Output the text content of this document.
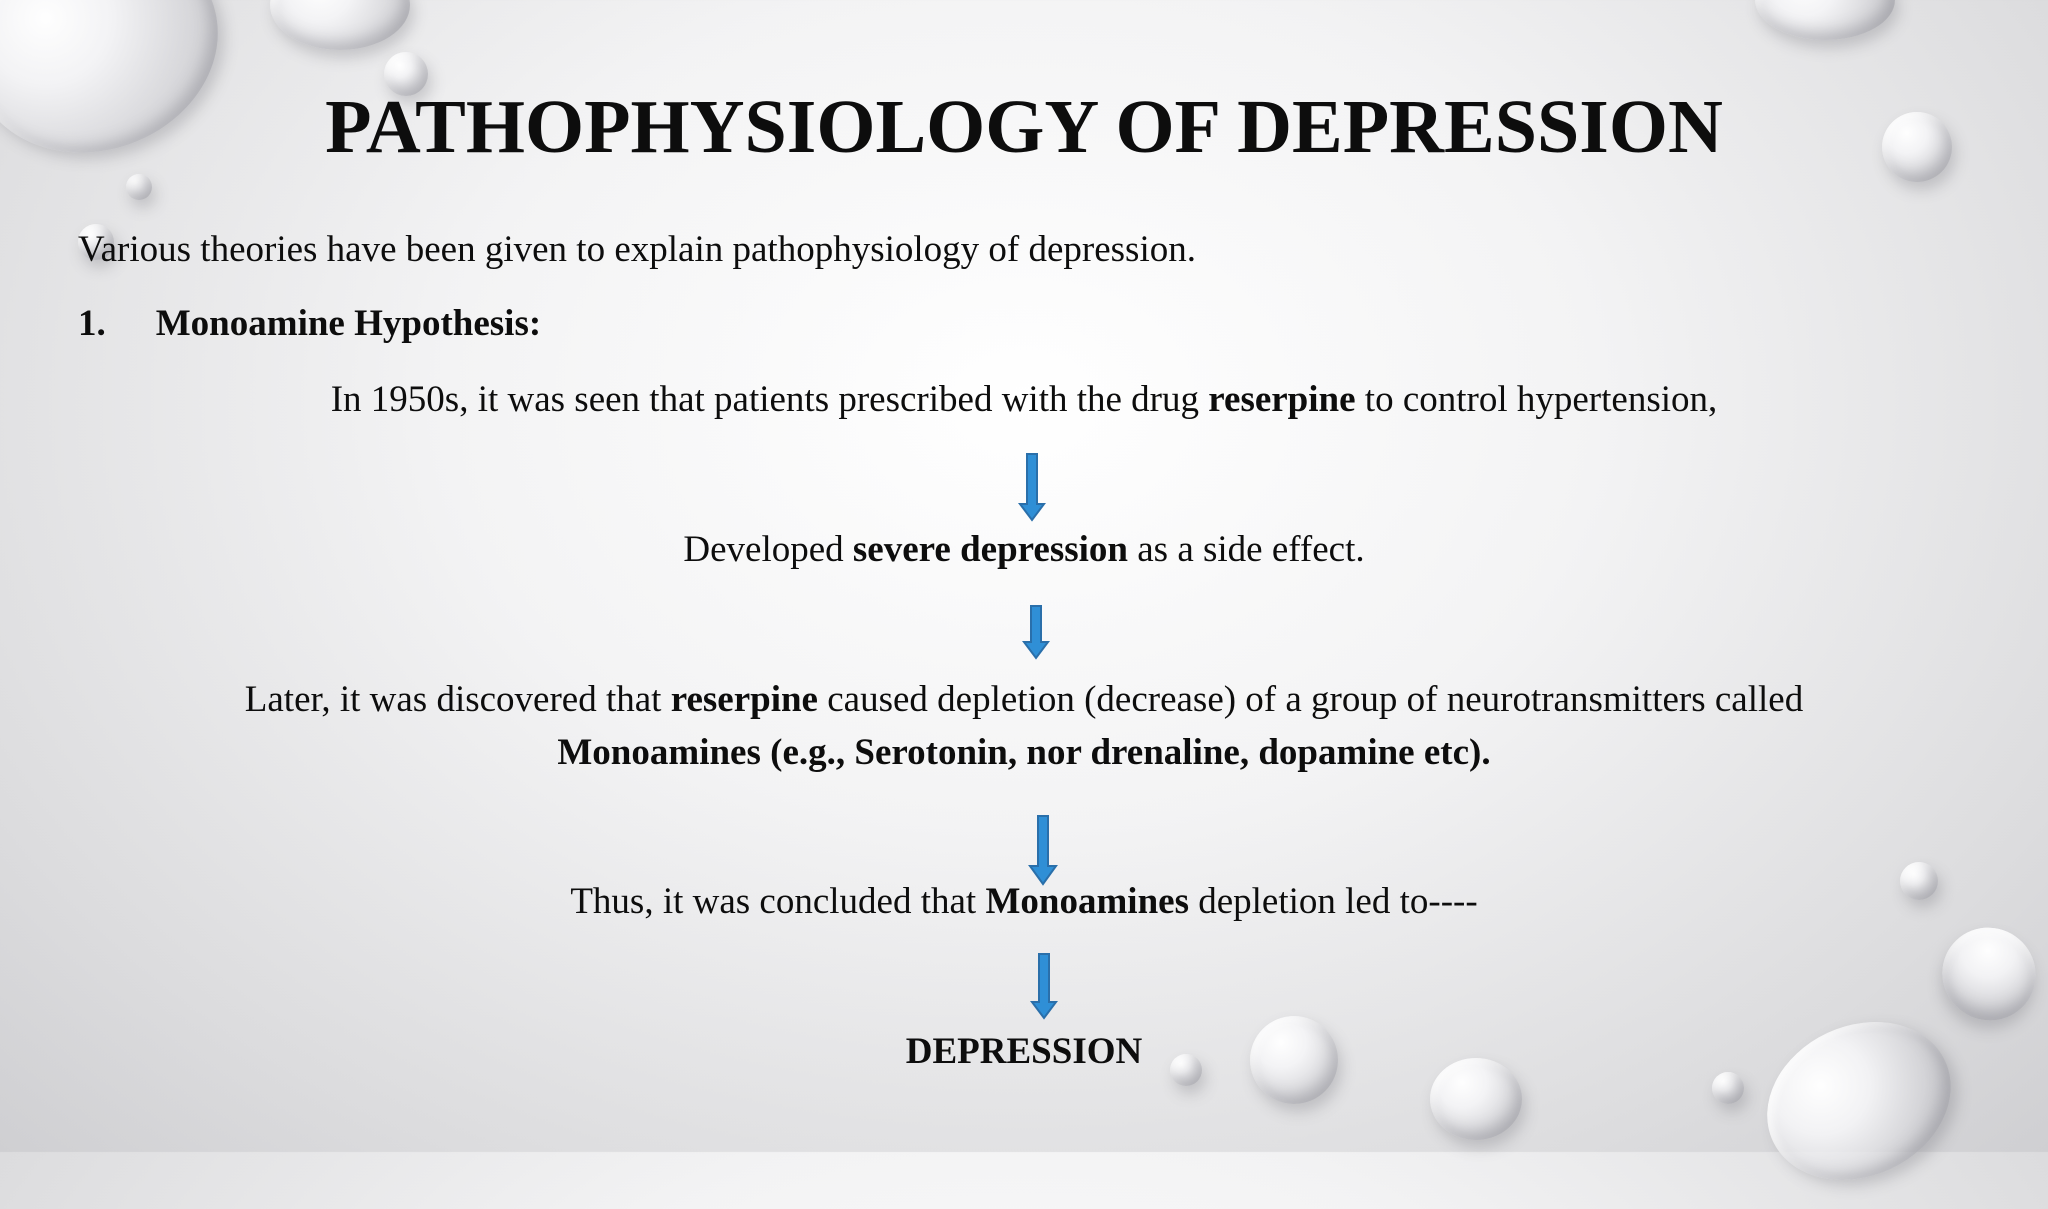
PATHOPHYSIOLOGY OF DEPRESSION

Various theories have been given to explain pathophysiology of depression.

1. Monoamine Hypothesis:

In 1950s, it was seen that patients prescribed with the drug reserpine to control hypertension,

Developed severe depression as a side effect.

Later, it was discovered that reserpine caused depletion (decrease) of a group of neurotransmitters called

Monoamines (e.g., Serotonin, nor drenaline, dopamine etc).

Thus, it was concluded that Monoamines depletion led to----

DEPRESSION
